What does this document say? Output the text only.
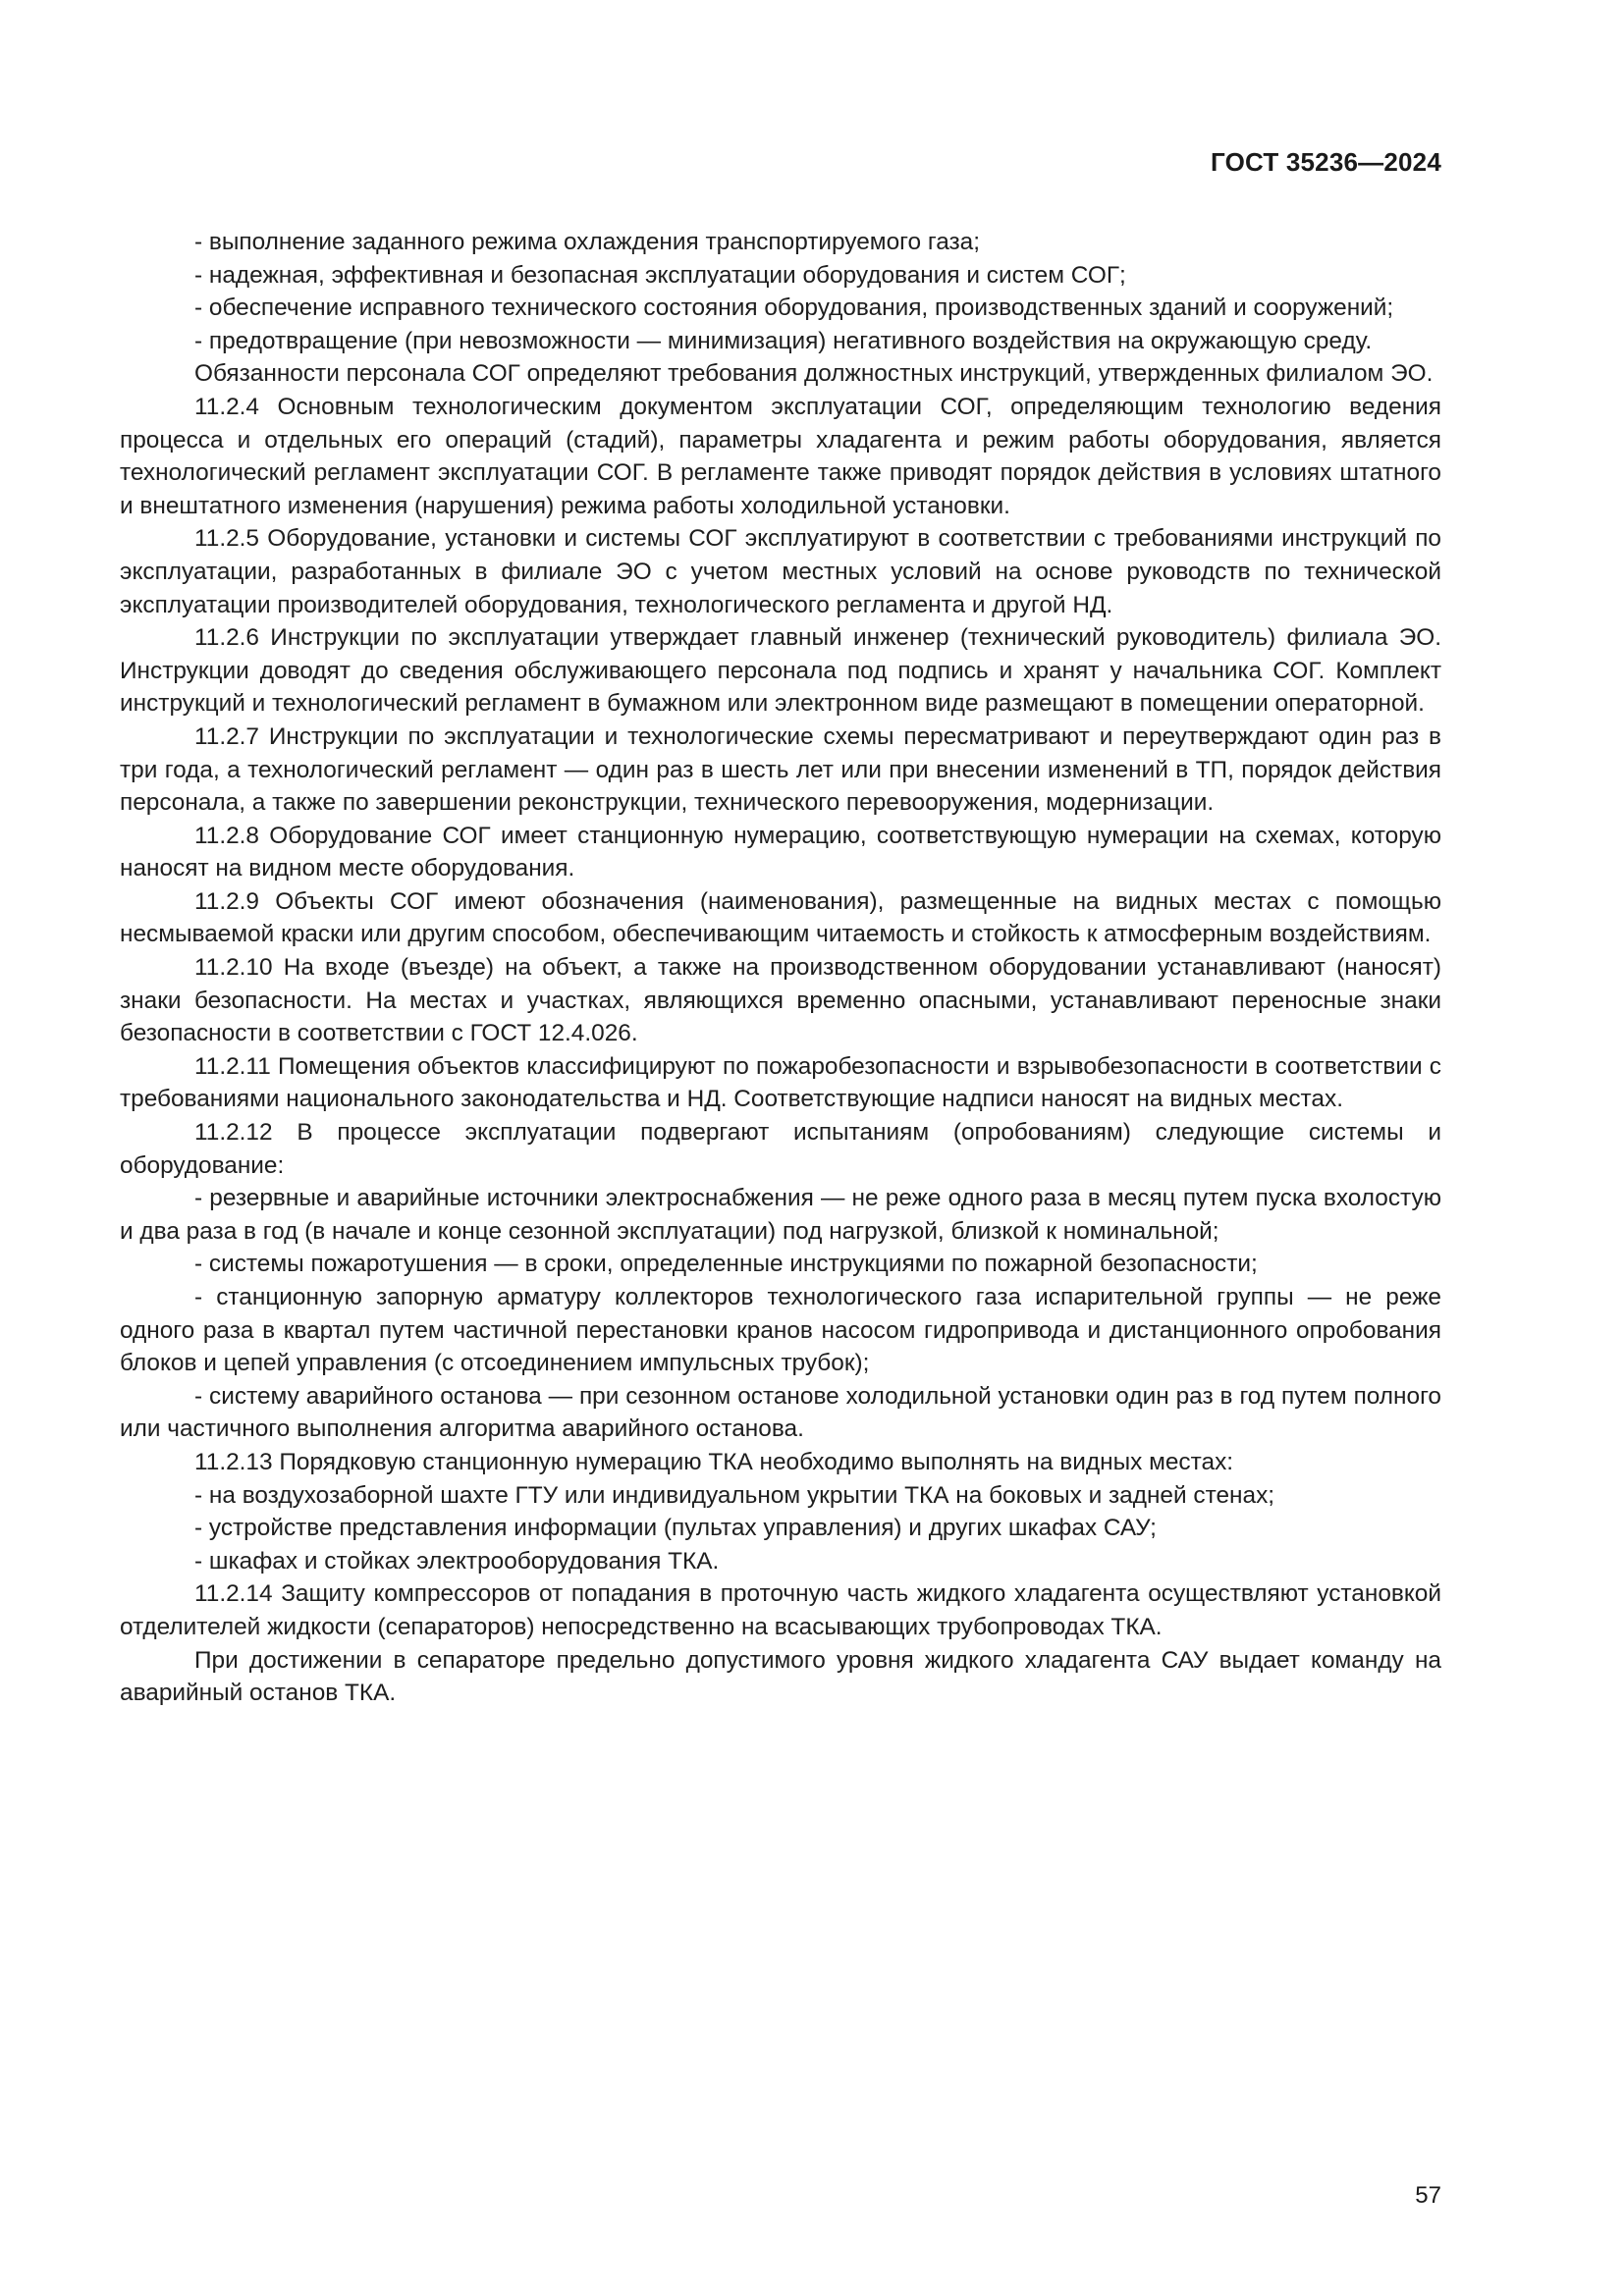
ГОСТ 35236—2024

- выполнение заданного режима охлаждения транспортируемого газа;

- надежная, эффективная и безопасная эксплуатации оборудования и систем СОГ;

- обеспечение исправного технического состояния оборудования, производственных зданий и сооружений;

- предотвращение (при невозможности — минимизация) негативного воздействия на окружающую среду.

Обязанности персонала СОГ определяют требования должностных инструкций, утвержденных филиалом ЭО.

11.2.4 Основным технологическим документом эксплуатации СОГ, определяющим технологию ведения процесса и отдельных его операций (стадий), параметры хладагента и режим работы оборудования, является технологический регламент эксплуатации СОГ. В регламенте также приводят порядок действия в условиях штатного и внештатного изменения (нарушения) режима работы холодильной установки.

11.2.5 Оборудование, установки и системы СОГ эксплуатируют в соответствии с требованиями инструкций по эксплуатации, разработанных в филиале ЭО с учетом местных условий на основе руководств по технической эксплуатации производителей оборудования, технологического регламента и другой НД.

11.2.6 Инструкции по эксплуатации утверждает главный инженер (технический руководитель) филиала ЭО. Инструкции доводят до сведения обслуживающего персонала под подпись и хранят у начальника СОГ. Комплект инструкций и технологический регламент в бумажном или электронном виде размещают в помещении операторной.

11.2.7 Инструкции по эксплуатации и технологические схемы пересматривают и переутверждают один раз в три года, а технологический регламент — один раз в шесть лет или при внесении изменений в ТП, порядок действия персонала, а также по завершении реконструкции, технического перевооружения, модернизации.

11.2.8 Оборудование СОГ имеет станционную нумерацию, соответствующую нумерации на схемах, которую наносят на видном месте оборудования.

11.2.9 Объекты СОГ имеют обозначения (наименования), размещенные на видных местах с помощью несмываемой краски или другим способом, обеспечивающим читаемость и стойкость к атмосферным воздействиям.

11.2.10 На входе (въезде) на объект, а также на производственном оборудовании устанавливают (наносят) знаки безопасности. На местах и участках, являющихся временно опасными, устанавливают переносные знаки безопасности в соответствии с ГОСТ 12.4.026.

11.2.11 Помещения объектов классифицируют по пожаробезопасности и взрывобезопасности в соответствии с требованиями национального законодательства и НД. Соответствующие надписи наносят на видных местах.

11.2.12 В процессе эксплуатации подвергают испытаниям (опробованиям) следующие системы и оборудование:

- резервные и аварийные источники электроснабжения — не реже одного раза в месяц путем пуска вхолостую и два раза в год (в начале и конце сезонной эксплуатации) под нагрузкой, близкой к номинальной;

- системы пожаротушения — в сроки, определенные инструкциями по пожарной безопасности;

- станционную запорную арматуру коллекторов технологического газа испарительной группы — не реже одного раза в квартал путем частичной перестановки кранов насосом гидропривода и дистанционного опробования блоков и цепей управления (с отсоединением импульсных трубок);

- систему аварийного останова — при сезонном останове холодильной установки один раз в год путем полного или частичного выполнения алгоритма аварийного останова.

11.2.13 Порядковую станционную нумерацию ТКА необходимо выполнять на видных местах:

- на воздухозаборной шахте ГТУ или индивидуальном укрытии ТКА на боковых и задней стенах;

- устройстве представления информации (пультах управления) и других шкафах САУ;

- шкафах и стойках электрооборудования ТКА.

11.2.14 Защиту компрессоров от попадания в проточную часть жидкого хладагента осуществляют установкой отделителей жидкости (сепараторов) непосредственно на всасывающих трубопроводах ТКА.

При достижении в сепараторе предельно допустимого уровня жидкого хладагента САУ выдает команду на аварийный останов ТКА.

57
